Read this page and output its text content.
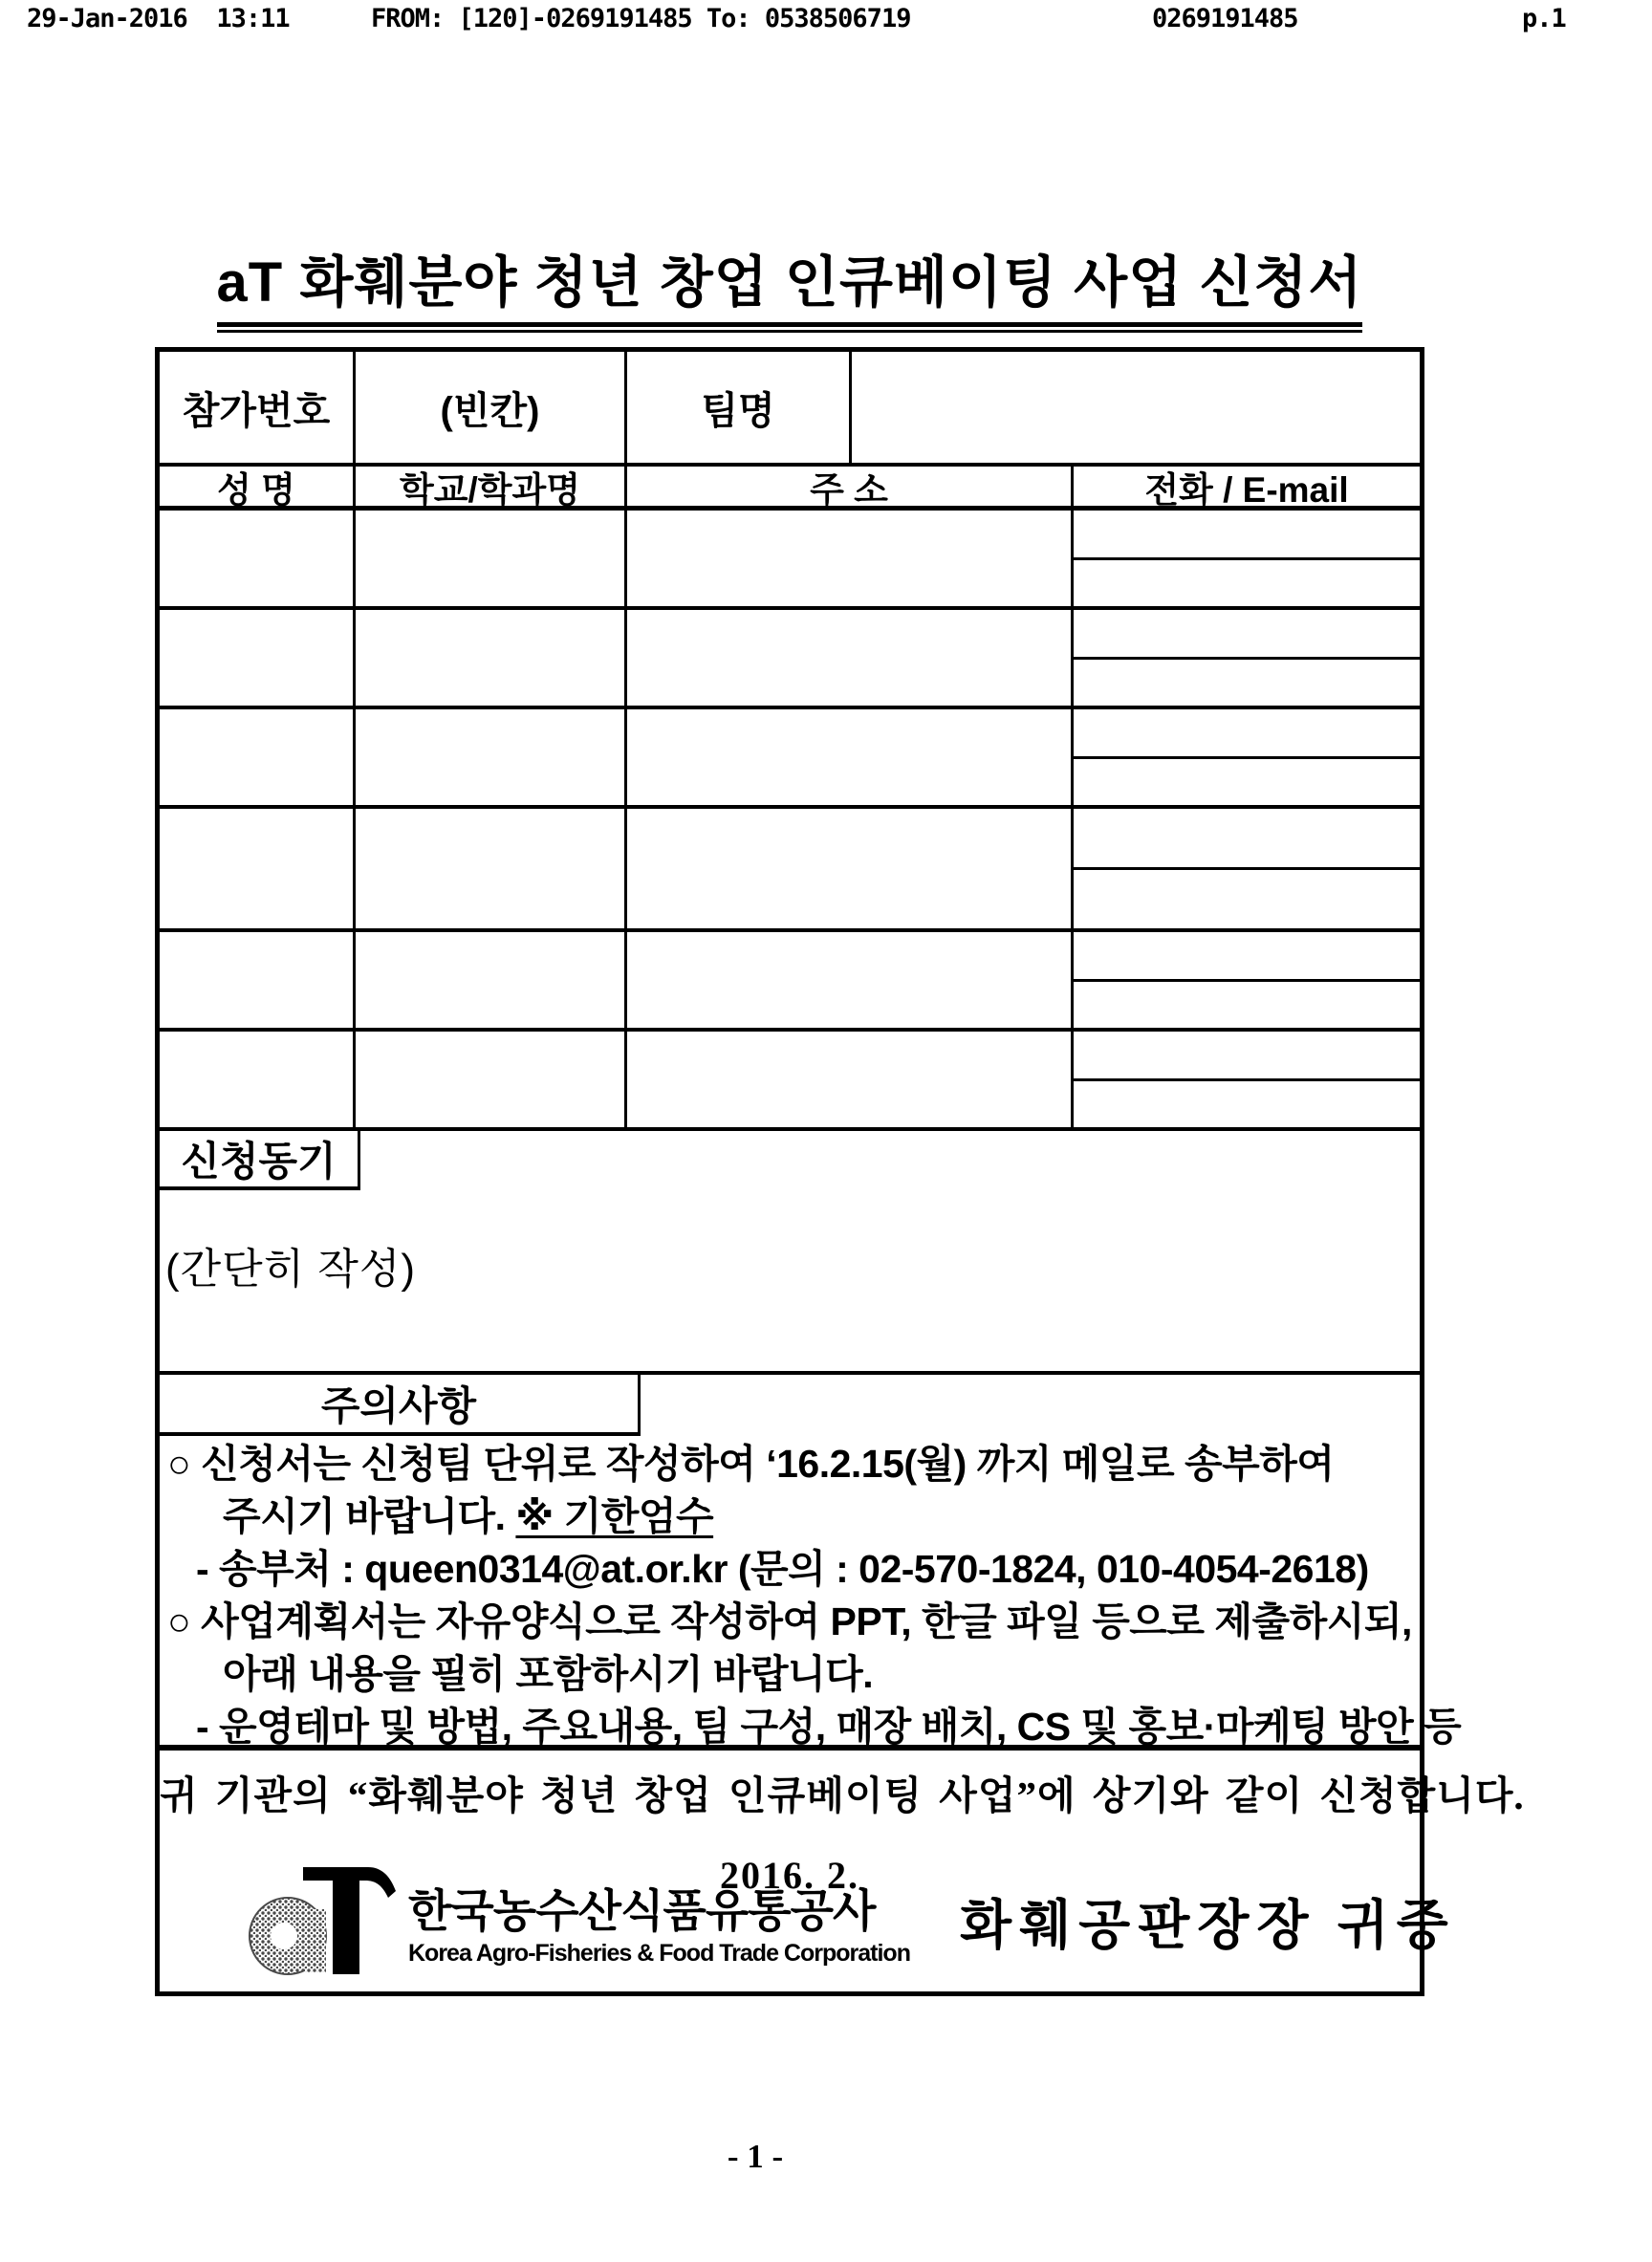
29-Jan-2016  13:11	FROM: [120]-0269191485 To: 0538506719	0269191485	p.1
aT 화훼분야 청년 창업 인큐베이팅 사업 신청서
참가번호	(빈칸)	팀명
성 명	학교/학과명	주 소	전화 / E-mail
신청동기
(간단히 작성)
주의사항
○ 신청서는 신청팀 단위로 작성하여 ‘16.2.15(월) 까지 메일로 송부하여
주시기 바랍니다. ※ 기한엄수
- 송부처 : queen0314@at.or.kr (문의 : 02-570-1824, 010-4054-2618)
○ 사업계획서는 자유양식으로 작성하여 PPT, 한글 파일 등으로 제출하시되,
아래 내용을 필히 포함하시기 바랍니다.
- 운영테마 및 방법, 주요내용, 팀 구성, 매장 배치, CS 및 홍보·마케팅 방안 등
귀 기관의 “화훼분야 청년 창업 인큐베이팅 사업”에 상기와 같이 신청합니다.
2016. 2.
한국농수산식품유통공사
Korea Agro-Fisheries & Food Trade Corporation 화훼공판장장 귀중
- 1 -
